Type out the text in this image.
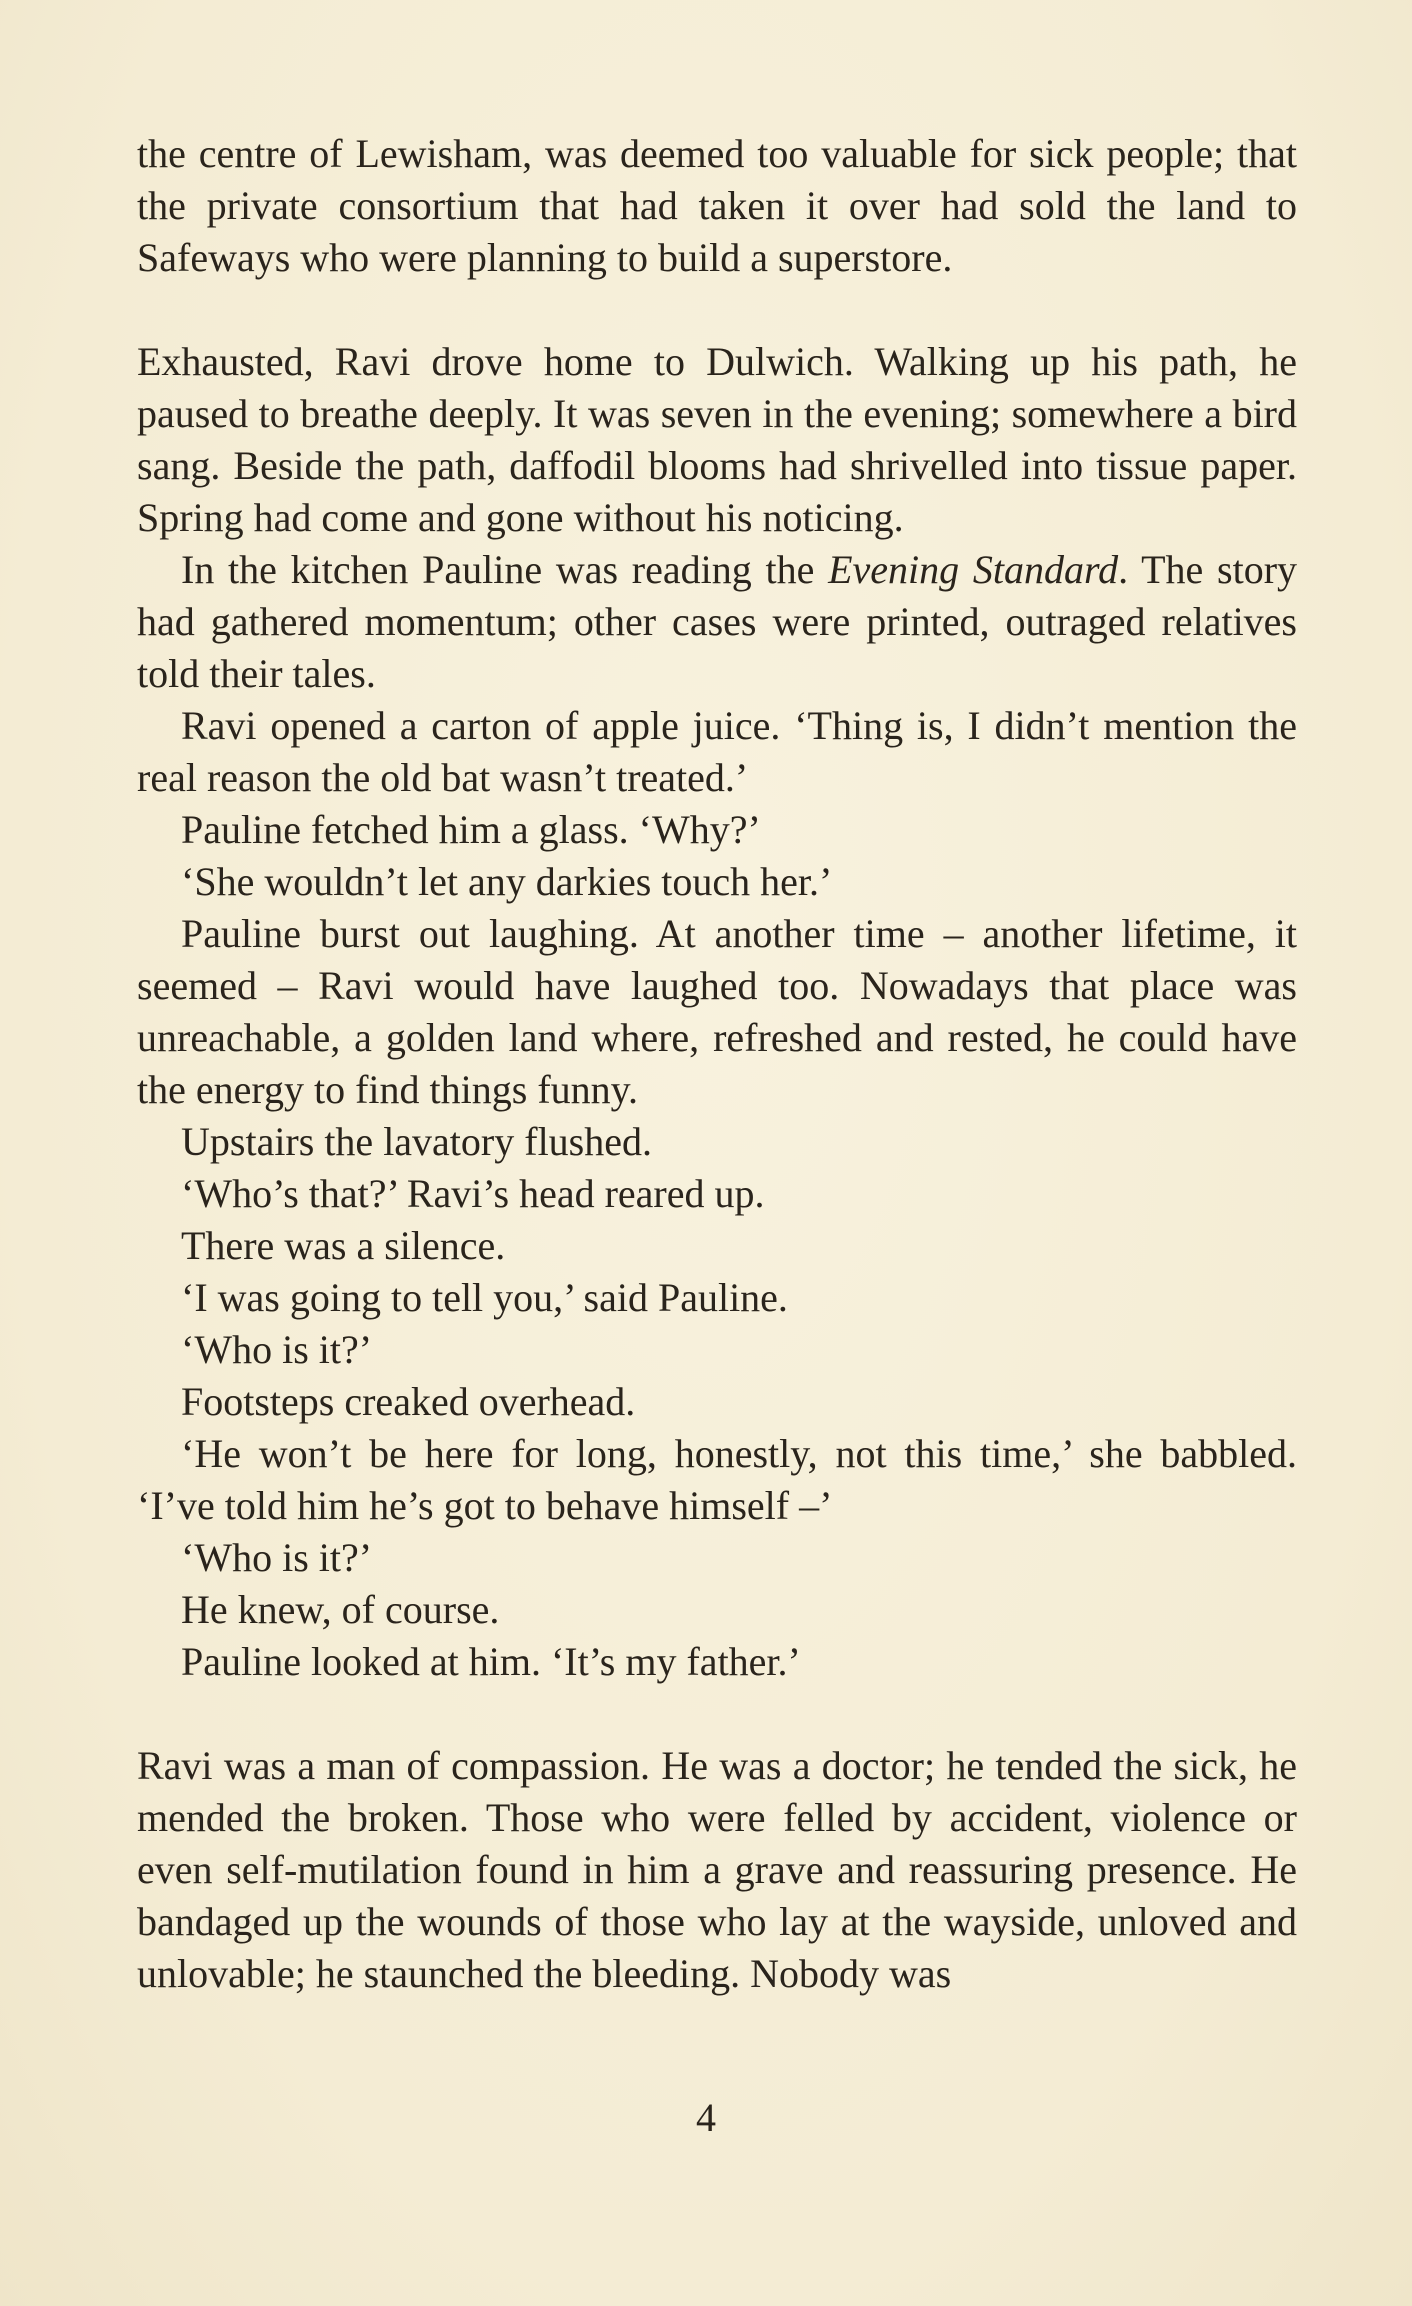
the centre of Lewisham, was deemed too valuable for sick people; that the private consortium that had taken it over had sold the land to Safeways who were planning to build a superstore.

Exhausted, Ravi drove home to Dulwich. Walking up his path, he paused to breathe deeply. It was seven in the evening; somewhere a bird sang. Beside the path, daffodil blooms had shrivelled into tissue paper. Spring had come and gone without his noticing.

In the kitchen Pauline was reading the Evening Standard. The story had gathered momentum; other cases were printed, outraged relatives told their tales.

Ravi opened a carton of apple juice. ‘Thing is, I didn’t mention the real reason the old bat wasn’t treated.’

Pauline fetched him a glass. ‘Why?’

‘She wouldn’t let any darkies touch her.’

Pauline burst out laughing. At another time – another lifetime, it seemed – Ravi would have laughed too. Nowadays that place was unreachable, a golden land where, refreshed and rested, he could have the energy to find things funny.

Upstairs the lavatory flushed.

‘Who’s that?’ Ravi’s head reared up.

There was a silence.

‘I was going to tell you,’ said Pauline.

‘Who is it?’

Footsteps creaked overhead.

‘He won’t be here for long, honestly, not this time,’ she babbled. ‘I’ve told him he’s got to behave himself –’

‘Who is it?’

He knew, of course.

Pauline looked at him. ‘It’s my father.’

Ravi was a man of compassion. He was a doctor; he tended the sick, he mended the broken. Those who were felled by accident, violence or even self-mutilation found in him a grave and reassuring presence. He bandaged up the wounds of those who lay at the wayside, unloved and unlovable; he staunched the bleeding. Nobody was

4
